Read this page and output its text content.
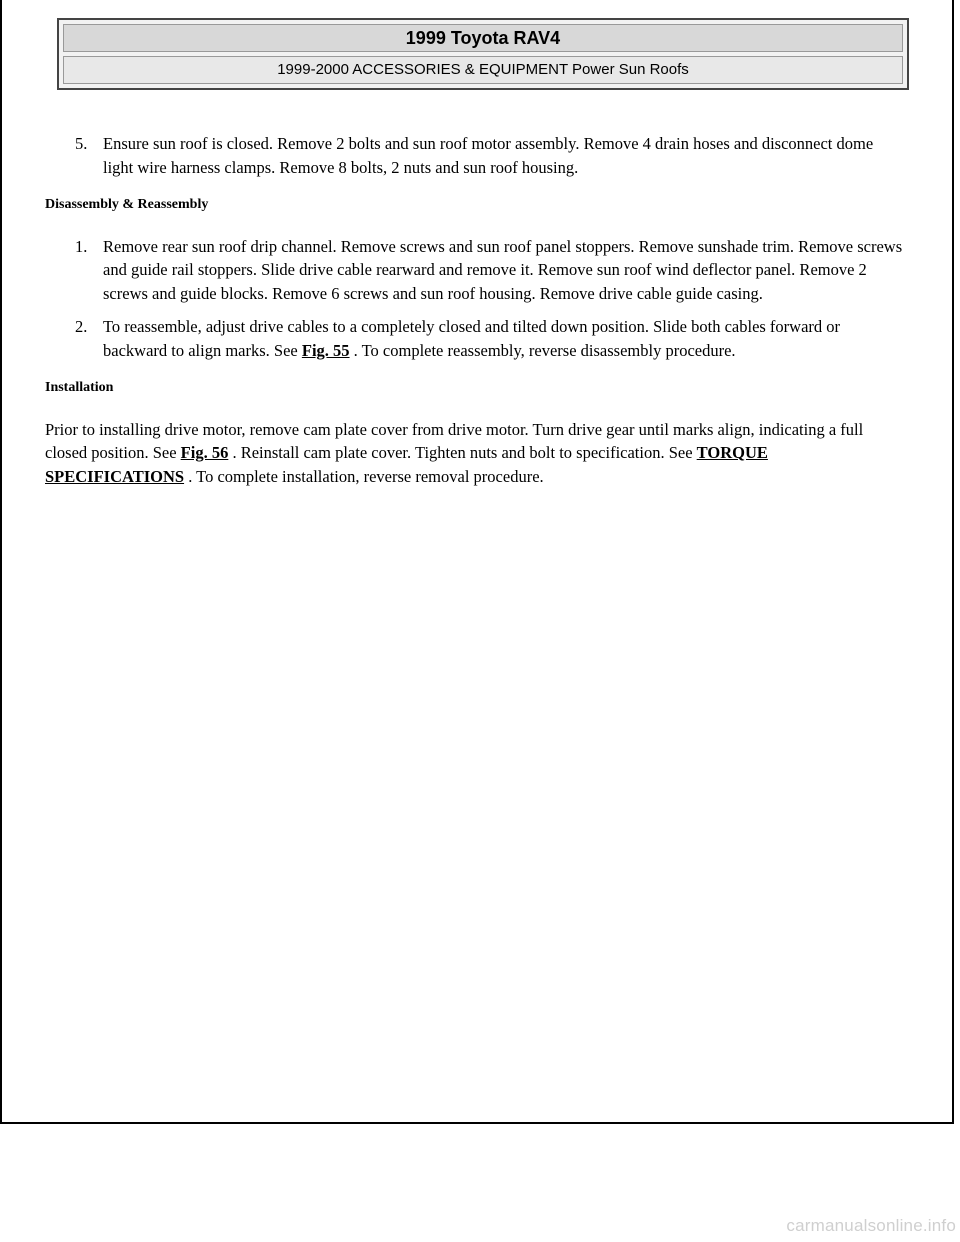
1999 Toyota RAV4
1999-2000 ACCESSORIES & EQUIPMENT Power Sun Roofs
5. Ensure sun roof is closed. Remove 2 bolts and sun roof motor assembly. Remove 4 drain hoses and disconnect dome light wire harness clamps. Remove 8 bolts, 2 nuts and sun roof housing.
Disassembly & Reassembly
1. Remove rear sun roof drip channel. Remove screws and sun roof panel stoppers. Remove sunshade trim. Remove screws and guide rail stoppers. Slide drive cable rearward and remove it. Remove sun roof wind deflector panel. Remove 2 screws and guide blocks. Remove 6 screws and sun roof housing. Remove drive cable guide casing.
2. To reassemble, adjust drive cables to a completely closed and tilted down position. Slide both cables forward or backward to align marks. See Fig. 55 . To complete reassembly, reverse disassembly procedure.
Installation
Prior to installing drive motor, remove cam plate cover from drive motor. Turn drive gear until marks align, indicating a full closed position. See Fig. 56 . Reinstall cam plate cover. Tighten nuts and bolt to specification. See TORQUE SPECIFICATIONS . To complete installation, reverse removal procedure.
carmanualsonline.info
